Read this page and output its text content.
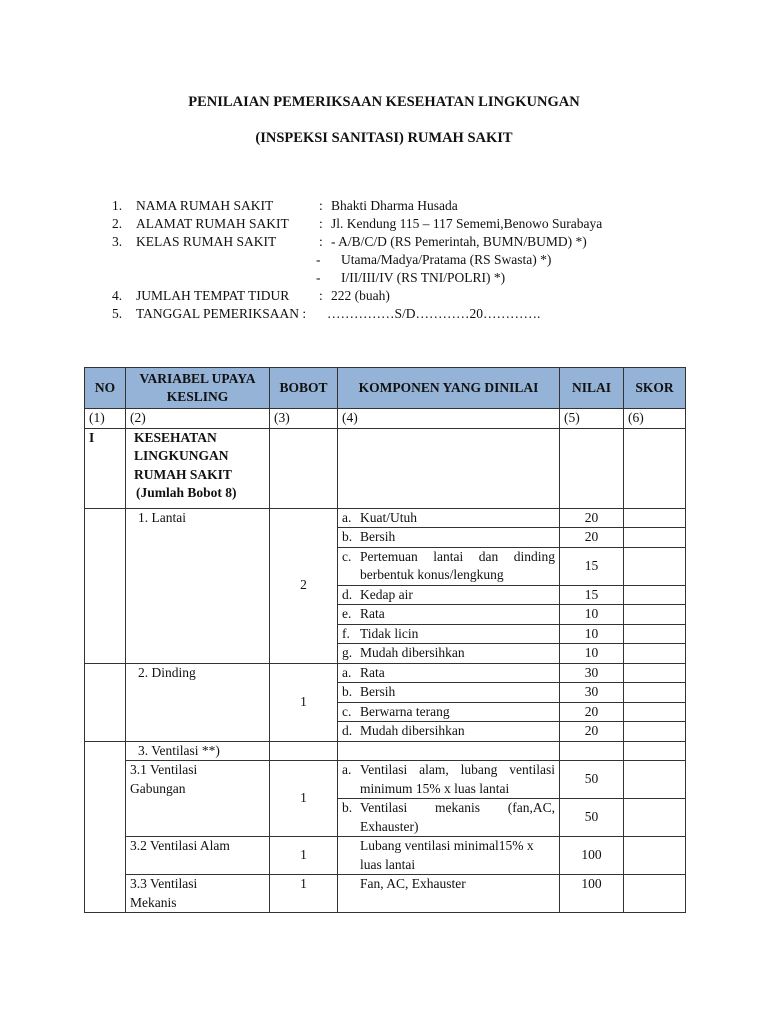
PENILAIAN PEMERIKSAAN KESEHATAN LINGKUNGAN
(INSPEKSI SANITASI) RUMAH SAKIT
1. NAMA RUMAH SAKIT	: Bhakti Dharma Husada
2. ALAMAT RUMAH SAKIT : Jl. Kendung 115 – 117 Sememi,Benowo Surabaya
3. KELAS RUMAH SAKIT	: - A/B/C/D (RS Pemerintah, BUMN/BUMD) *)
- Utama/Madya/Pratama (RS Swasta) *)
- I/II/III/IV (RS TNI/POLRI) *)
4. JUMLAH TEMPAT TIDUR : 222 (buah)
5. TANGGAL PEMERIKSAAN : ……………S/D…………20………….
NO	VARIABEL UPAYA KESLING	BOBOT	KOMPONEN YANG DINILAI	NILAI	SKOR
(1)	(2)	(3)	(4)	(5)	(6)
I	KESEHATAN LINGKUNGAN RUMAH SAKIT
(Jumlah Bobot 8)				

	1. Lantai	2	a. Kuat/Utuh	20	

			b. Bersih	20	

			c. Pertemuan lantai dan dinding berbentuk konus/lengkung	15	

			d. Kedap air	15	

			e. Rata	10	

			f. Tidak licin	10	

			g. Mudah dibersihkan	10	
	2. Dinding	1	a. Rata	30	

			b. Bersih	30	

			c. Berwarna terang	20	

			d. Mudah dibersihkan	20	
	3. Ventilasi **)				

	3.1 Ventilasi Gabungan	1	a. Ventilasi alam, lubang ventilasi minimum 15% x luas lantai	50	

			b. Ventilasi mekanis (fan,AC, Exhauster)	50	
	3.2 Ventilasi Alam	1	Lubang ventilasi minimal15% x luas lantai	100	

	3.3 Ventilasi Mekanis	1	Fan, AC, Exhauster	100	
